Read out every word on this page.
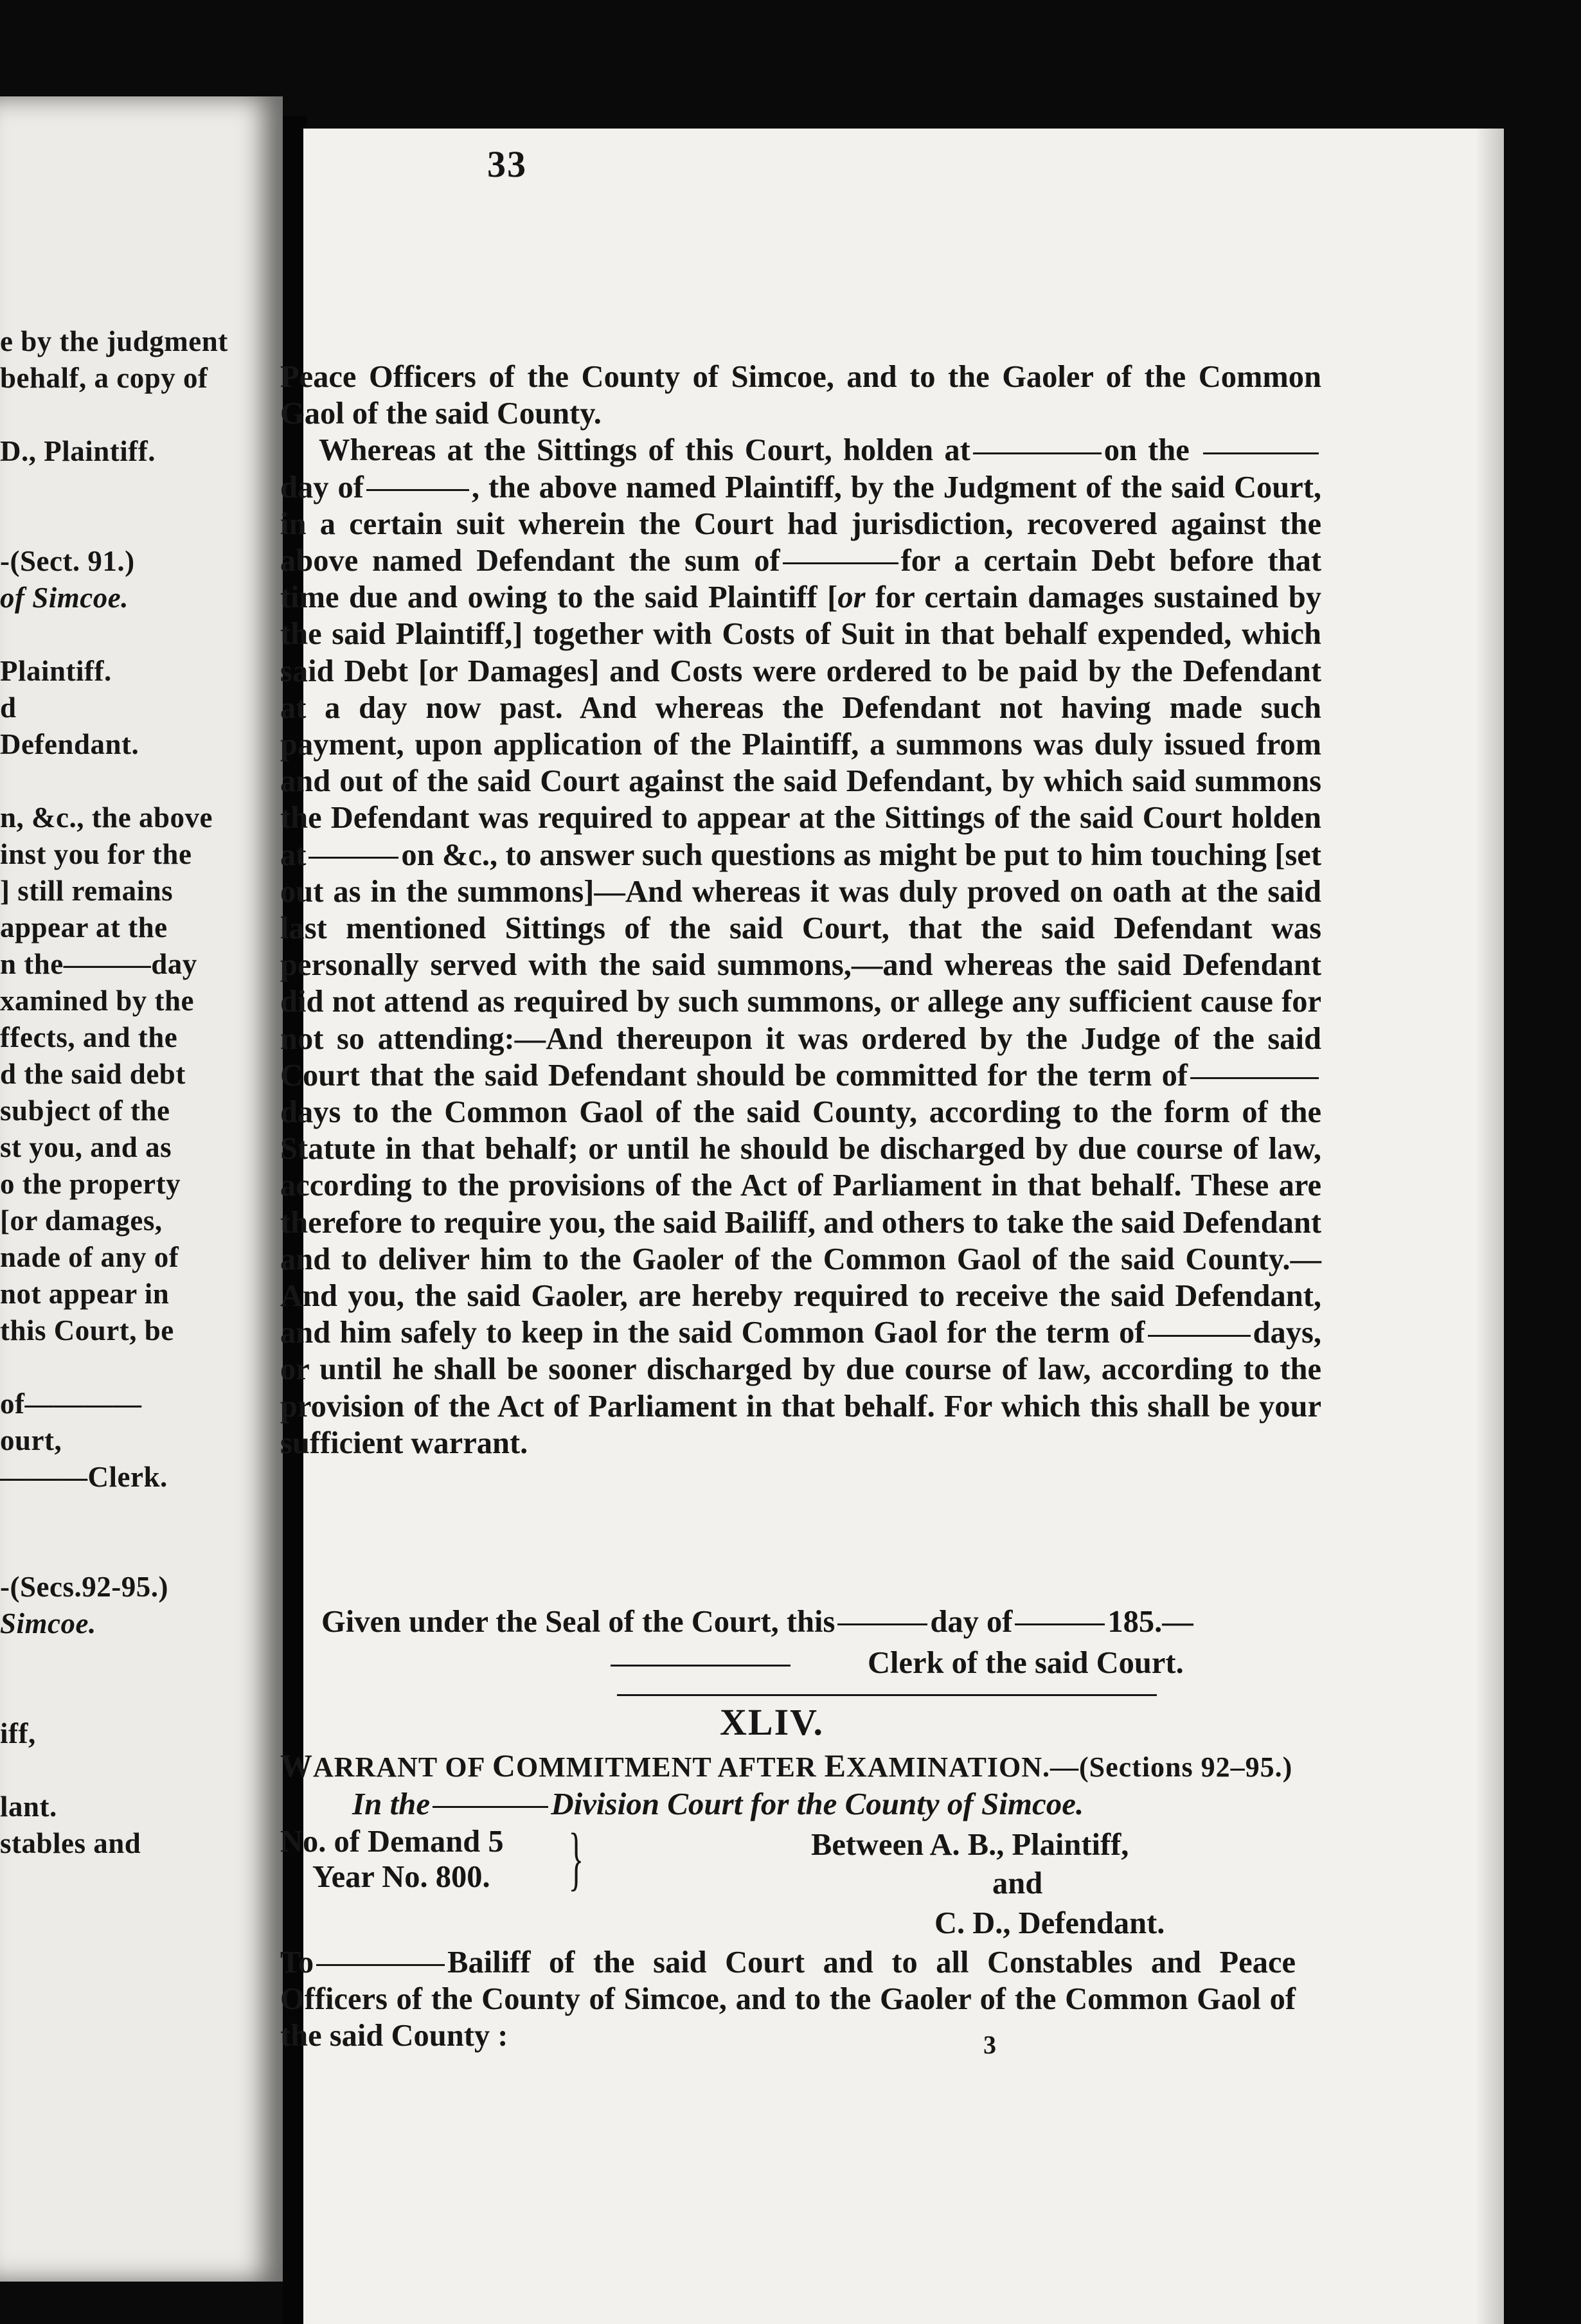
e by the judgment
behalf, a copy of
D., Plaintiff.
-(Sect. 91.)
of Simcoe.
Plaintiff.
d
Defendant.
n, &c., the above
inst you for the
] still remains
appear at the
n the———day
xamined by the
ffects, and the
d the said debt
subject of the
st you, and as
o the property
[or damages,
nade of any of
not appear in
this Court, be
of————
ourt,
———Clerk.
-(Secs.92-95.)
Simcoe.
iff,
lant.
stables and
33

Peace Officers of the County of Simcoe, and to the Gaoler of the Common Gaol of the said County.
Whereas at the Sittings of this Court, holden at	on the day of	, the above named Plaintiff, by the Judgment of the said Court, in a certain suit wherein the Court had jurisdiction, recovered against the above named Defendant the sum of	for a certain Debt before that time due and owing to the said Plaintiff [or for certain damages sustained by the said Plaintiff,] together with Costs of Suit in that behalf expended, which said Debt [or Damages] and Costs were ordered to be paid by the Defendant at a day now past. And whereas the Defendant not having made such payment, upon application of the Plaintiff, a summons was duly issued from and out of the said Court against the said Defendant, by which said summons the Defendant was required to appear at the Sittings of the said Court holden at	on &c., to answer such questions as might be put to him touching [set out as in the summons]—And whereas it was duly proved on oath at the said last mentioned Sittings of the said Court, that the said Defendant was personally served with the said summons,—and whereas the said Defendant did not attend as required by such summons, or allege any sufficient cause for not so attending:—And thereupon it was ordered by the Judge of the said Court that the said Defendant should be committed for the term ofdays to the Common Gaol of the said County, according to the form of the Statute in that behalf; or until he should be discharged by due course of law, according to the provisions of the Act of Parliament in that behalf. These are therefore to require you, the said Bailiff, and others to take the said Defendant and to deliver him to the Gaoler of the Common Gaol of the said County.—And you, the said Gaoler, are hereby required to receive the said Defendant, and him safely to keep in the said Common Gaol for the term of	days, or until he shall be sooner discharged by due course of law, according to the provision of the Act of Parliament in that behalf. For which this shall be your sufficient warrant.

Given under the Seal of the Court, this	day of	185.—
Clerk of the said Court.
XLIV.
WARRANT OF COMMITMENT AFTER EXAMINATION.—(Sections 92–95.)
In the	Division Court for the County of Simcoe.
No. of Demand 5
Year No. 800. }	Between A. B., Plaintiff,
and
C. D., Defendant.

To	Bailiff of the said Court and to all Constables and Peace Officers of the County of Simcoe, and to the Gaoler of the Common Gaol of the said County :	3
